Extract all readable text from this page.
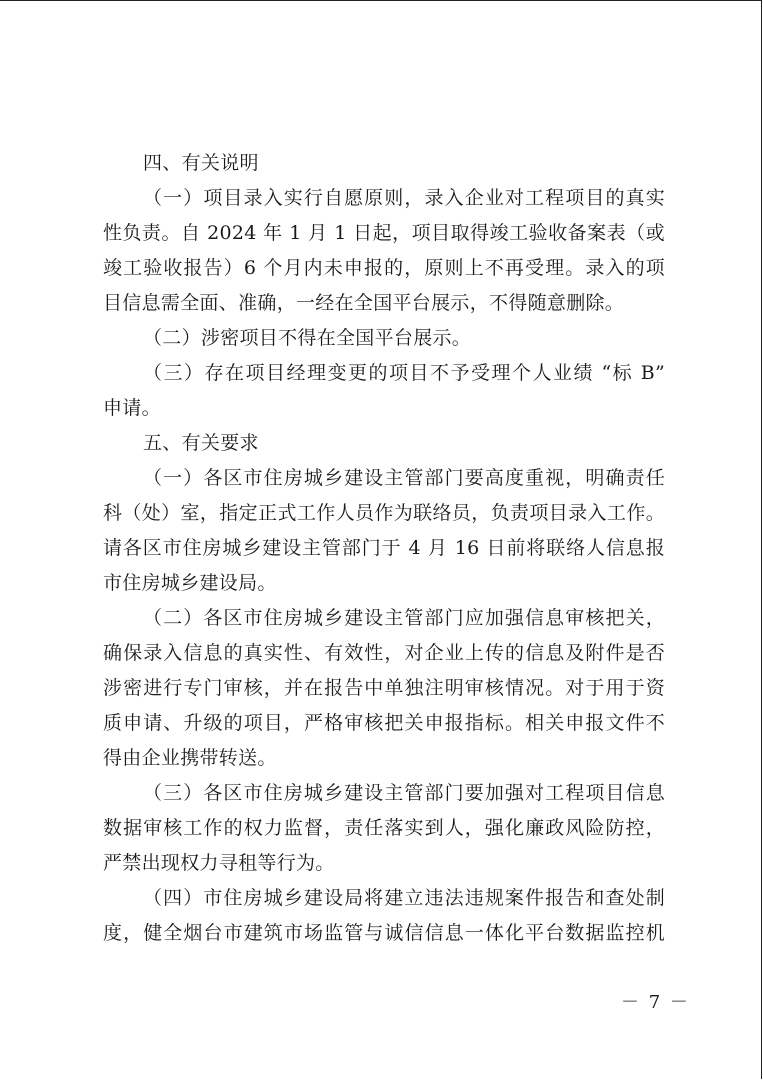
四、有关说明
（一）项目录入实行自愿原则，录入企业对工程项目的真实
性负责。自 2024 年 1 月 1 日起，项目取得竣工验收备案表（或
竣工验收报告）6 个月内未申报的，原则上不再受理。录入的项
目信息需全面、准确，一经在全国平台展示，不得随意删除。
（二）涉密项目不得在全国平台展示。
（三）存在项目经理变更的项目不予受理个人业绩 “标 B”
申请。
五、有关要求
（一）各区市住房城乡建设主管部门要高度重视，明确责任
科（处）室，指定正式工作人员作为联络员，负责项目录入工作。
请各区市住房城乡建设主管部门于 4 月 16 日前将联络人信息报
市住房城乡建设局。
（二）各区市住房城乡建设主管部门应加强信息审核把关，
确保录入信息的真实性、有效性，对企业上传的信息及附件是否
涉密进行专门审核，并在报告中单独注明审核情况。对于用于资
质申请、升级的项目，严格审核把关申报指标。相关申报文件不
得由企业携带转送。
（三）各区市住房城乡建设主管部门要加强对工程项目信息
数据审核工作的权力监督，责任落实到人，强化廉政风险防控，
严禁出现权力寻租等行为。
（四）市住房城乡建设局将建立违法违规案件报告和查处制
度，健全烟台市建筑市场监管与诚信信息一体化平台数据监控机
－ 7 －
